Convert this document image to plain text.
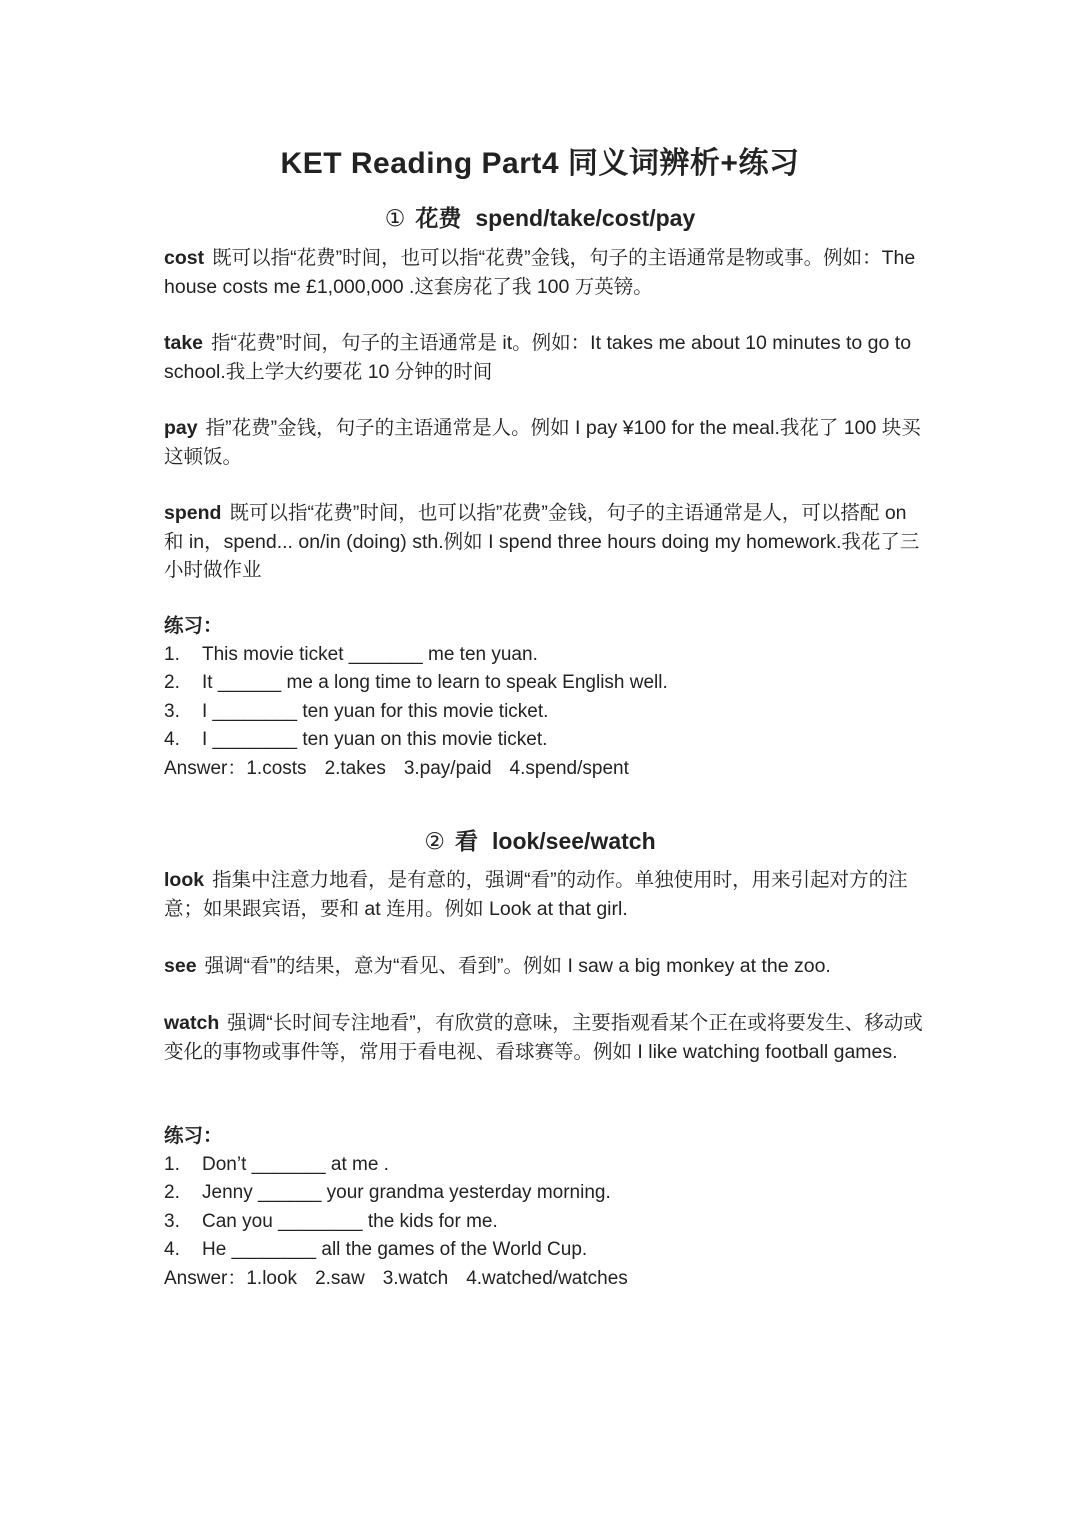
KET Reading Part4 同义词辨析+练习
① 花费 spend/take/cost/pay

cost 既可以指“花费”时间，也可以指“花费”金钱，句子的主语通常是物或事。例如：The house costs me £1,000,000 .这套房花了我 100 万英镑。

take 指“花费”时间，句子的主语通常是 it。例如：It takes me about 10 minutes to go to school.我上学大约要花 10 分钟的时间

pay 指”花费”金钱，句子的主语通常是人。例如 I pay ¥100 for the meal.我花了 100 块买这顿饭。

spend 既可以指“花费”时间，也可以指”花费”金钱，句子的主语通常是人，可以搭配 on 和 in，spend... on/in (doing) sth.例如 I spend three hours doing my homework.我花了三小时做作业

练习：

1. This movie ticket _______ me ten yuan.
2. It ______ me a long time to learn to speak English well.
3. I ________ ten yuan for this movie ticket.
4. I ________ ten yuan on this movie ticket.

Answer：1.costs 2.takes 3.pay/paid 4.spend/spent

② 看 look/see/watch

look 指集中注意力地看，是有意的，强调“看”的动作。单独使用时，用来引起对方的注意；如果跟宾语，要和 at 连用。例如 Look at that girl.

see 强调“看”的结果，意为“看见、看到”。例如 I saw a big monkey at the zoo.

watch 强调“长时间专注地看”，有欣赏的意味，主要指观看某个正在或将要发生、移动或变化的事物或事件等，常用于看电视、看球赛等。例如 I like watching football games.

练习：

1. Don’t _______ at me .
2. Jenny ______ your grandma yesterday morning.
3. Can you ________ the kids for me.
4. He ________ all the games of the World Cup.

Answer：1.look 2.saw 3.watch 4.watched/watches
